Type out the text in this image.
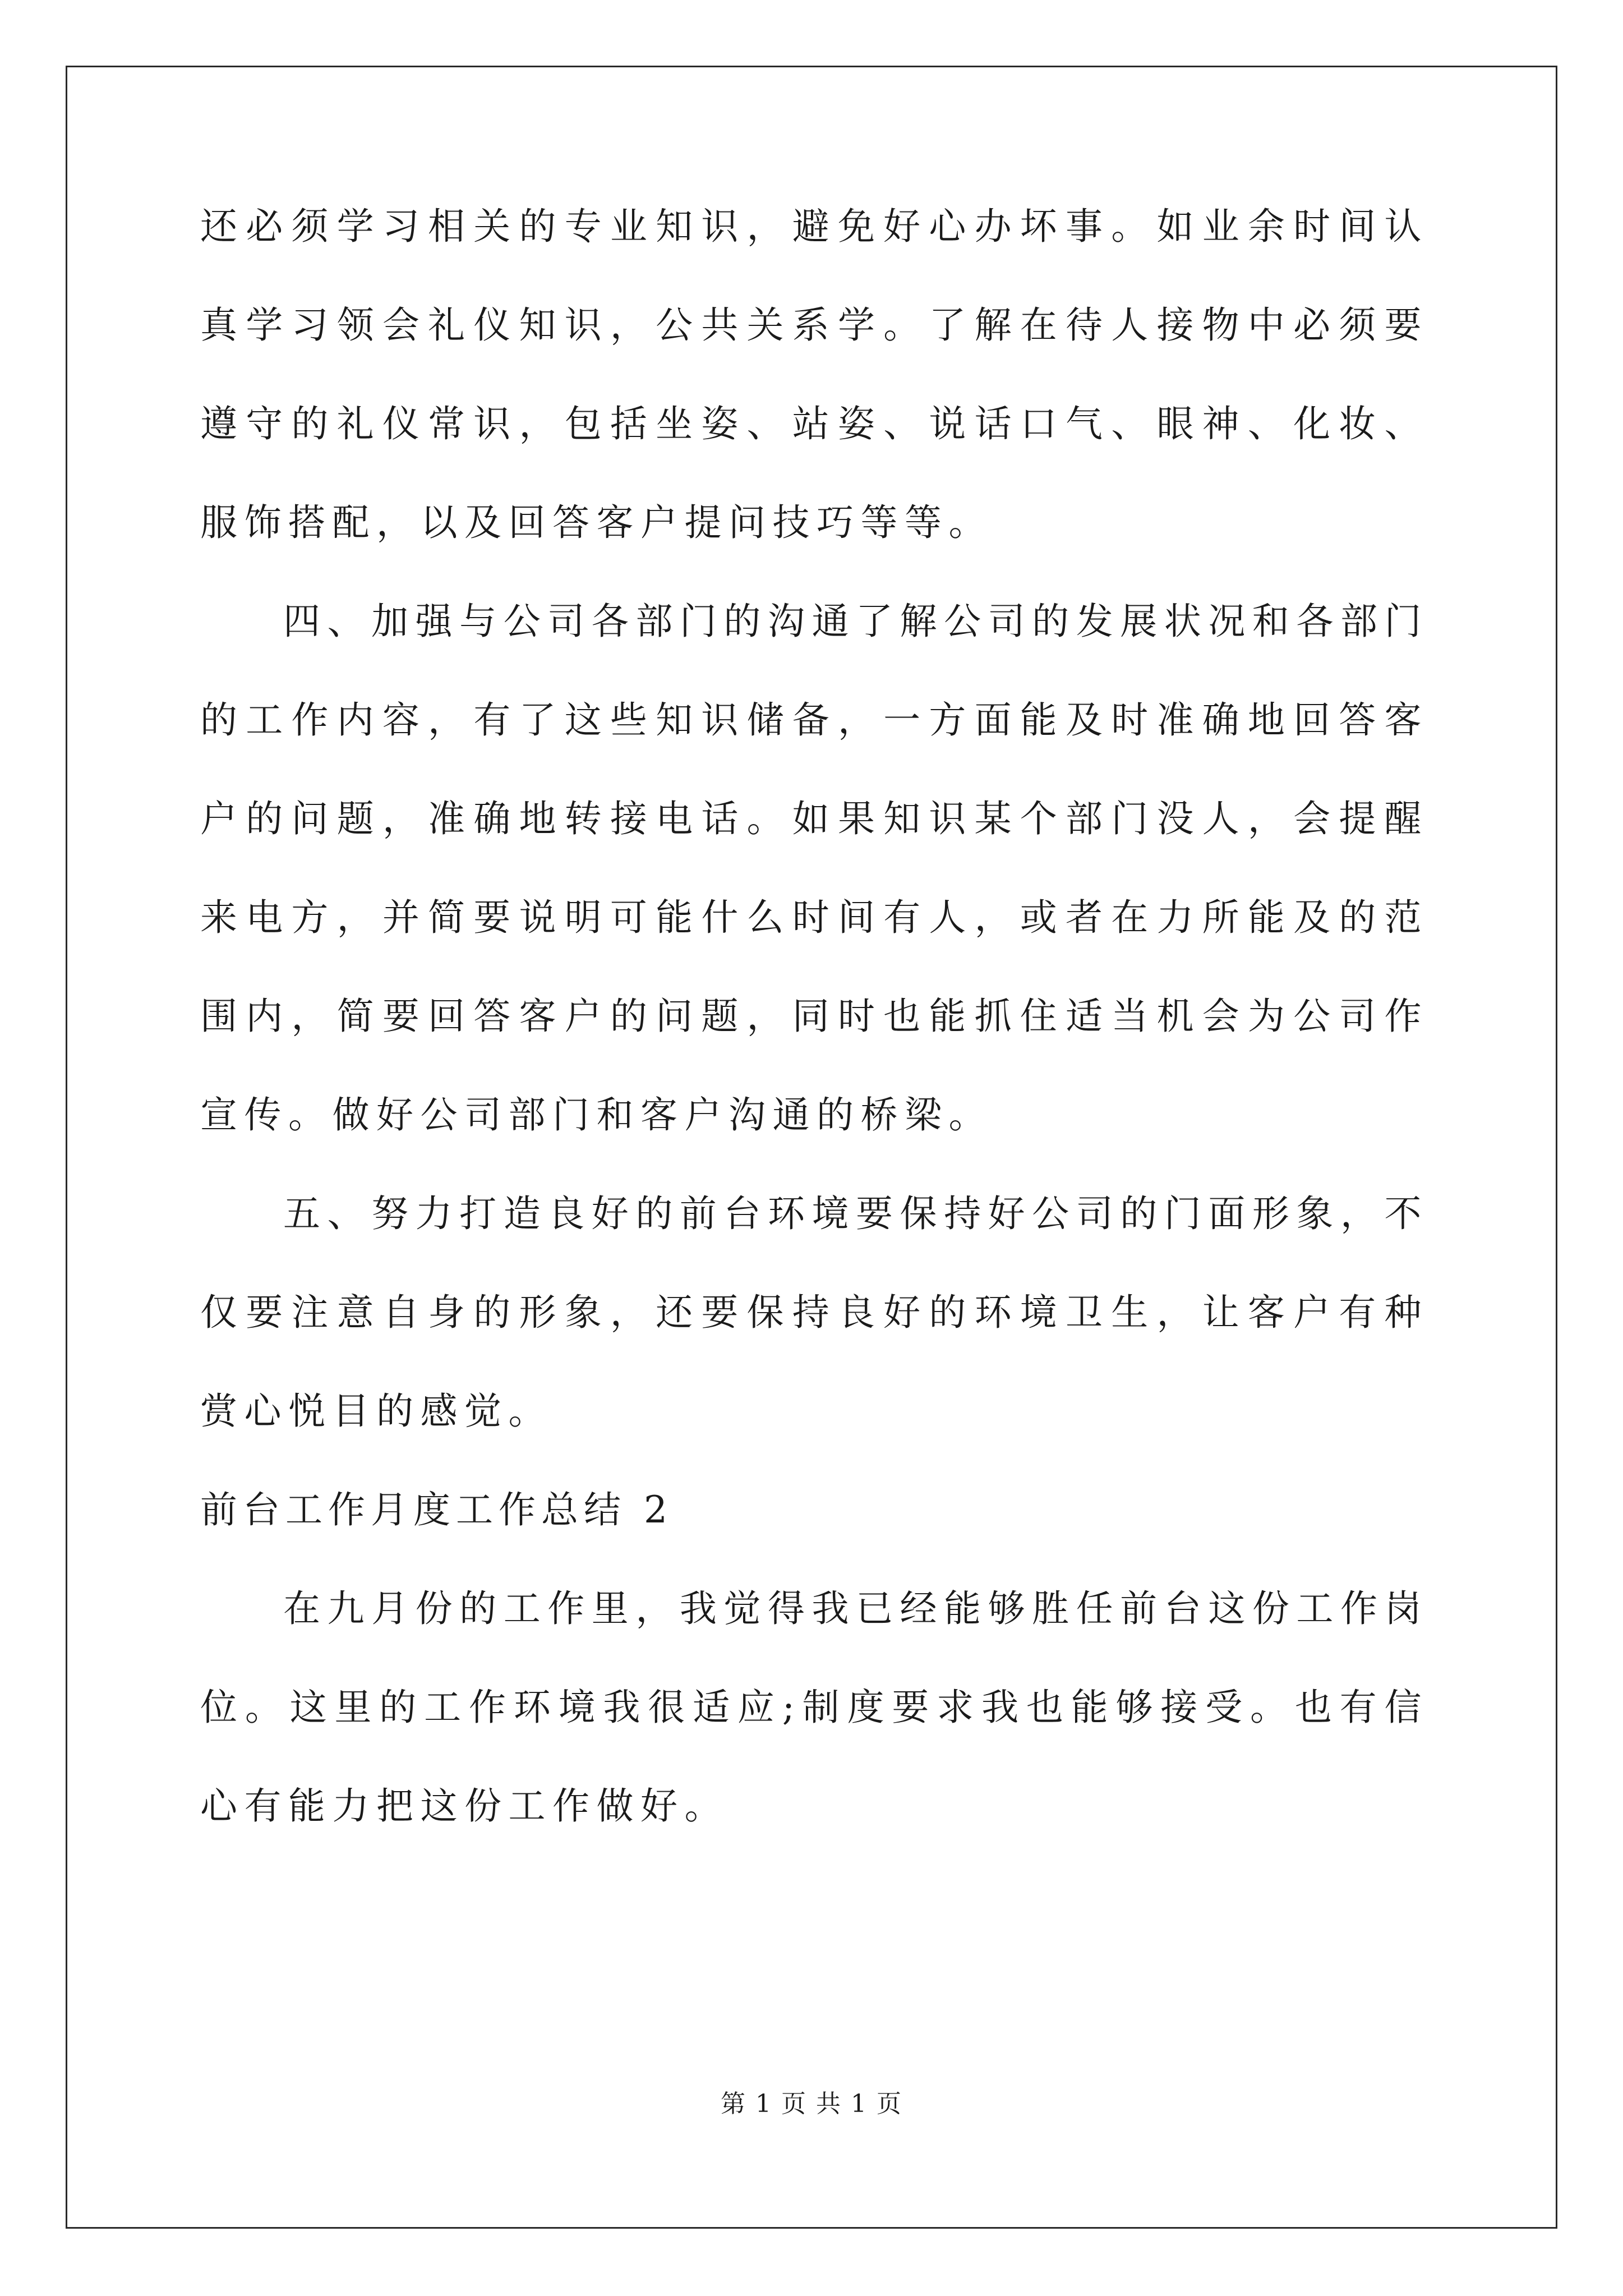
还必须学习相关的专业知识，避免好心办坏事。如业余时间认真学习领会礼仪知识，公共关系学。了解在待人接物中必须要遵守的礼仪常识，包括坐姿、站姿、说话口气、眼神、化妆、服饰搭配，以及回答客户提问技巧等等。

四、加强与公司各部门的沟通了解公司的发展状况和各部门的工作内容，有了这些知识储备，一方面能及时准确地回答客户的问题，准确地转接电话。如果知识某个部门没人，会提醒来电方，并简要说明可能什么时间有人，或者在力所能及的范围内，简要回答客户的问题，同时也能抓住适当机会为公司作宣传。做好公司部门和客户沟通的桥梁。

五、努力打造良好的前台环境要保持好公司的门面形象，不仅要注意自身的形象，还要保持良好的环境卫生，让客户有种赏心悦目的感觉。

前台工作月度工作总结 2

在九月份的工作里，我觉得我已经能够胜任前台这份工作岗位。这里的工作环境我很适应;制度要求我也能够接受。也有信心有能力把这份工作做好。

第 1 页 共 1 页
